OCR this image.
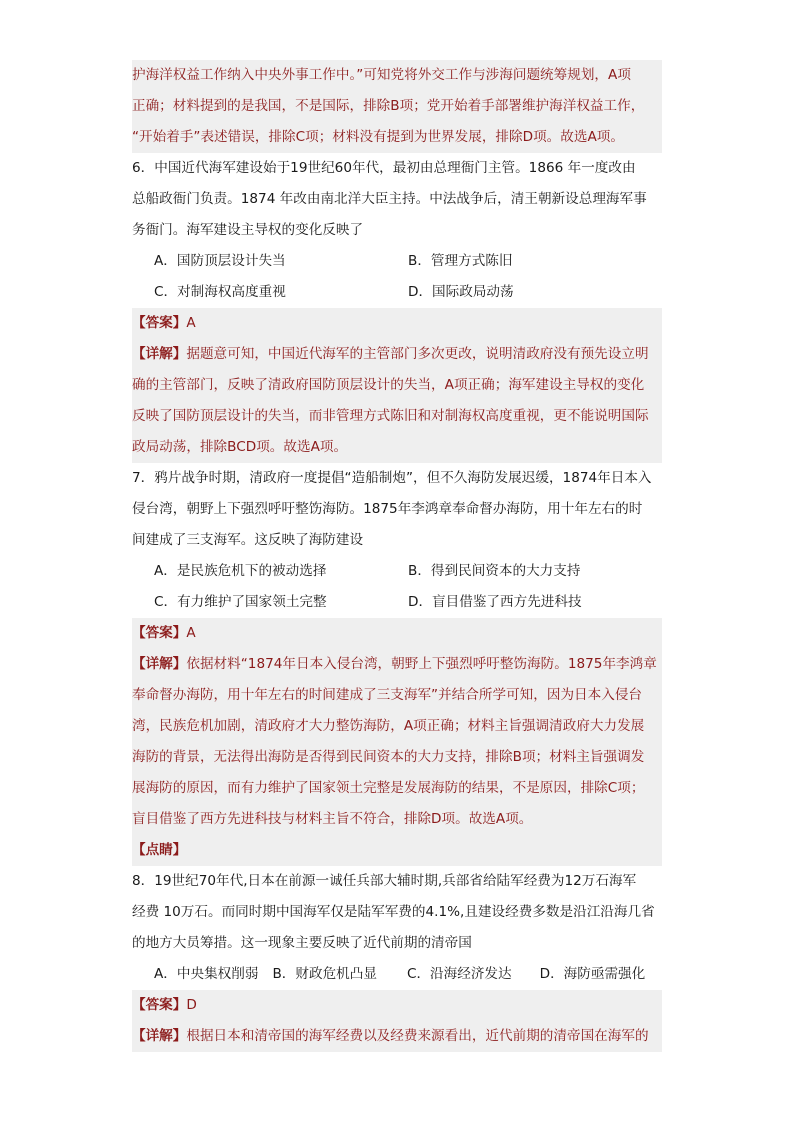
护海洋权益工作纳入中央外事工作中。”可知党将外交工作与涉海问题统筹规划，A项
正确；材料提到的是我国，不是国际，排除B项；党开始着手部署维护海洋权益工作，
“开始着手”表述错误，排除C项；材料没有提到为世界发展，排除D项。故选A项。
6．中国近代海军建设始于19世纪60年代，最初由总理衙门主管。1866 年一度改由
总船政衙门负责。1874 年改由南北洋大臣主持。中法战争后，清王朝新设总理海军事
务衙门。海军建设主导权的变化反映了
A．国防顶层设计失当	B．管理方式陈旧
C．对制海权高度重视	D．国际政局动荡
【答案】A
【详解】据题意可知，中国近代海军的主管部门多次更改，说明清政府没有预先设立明
确的主管部门，反映了清政府国防顶层设计的失当，A项正确；海军建设主导权的变化
反映了国防顶层设计的失当，而非管理方式陈旧和对制海权高度重视，更不能说明国际
政局动荡，排除BCD项。故选A项。
7．鸦片战争时期，清政府一度提倡“造船制炮”，但不久海防发展迟缓，1874年日本入
侵台湾，朝野上下强烈呼吁整饬海防。1875年李鸿章奉命督办海防，用十年左右的时
间建成了三支海军。这反映了海防建设
A．是民族危机下的被动选择	B．得到民间资本的大力支持
C．有力维护了国家领土完整	D．盲目借鉴了西方先进科技
【答案】A
【详解】依据材料“1874年日本入侵台湾，朝野上下强烈呼吁整饬海防。1875年李鸿章
奉命督办海防，用十年左右的时间建成了三支海军”并结合所学可知，因为日本入侵台
湾，民族危机加剧，清政府才大力整饬海防，A项正确；材料主旨强调清政府大力发展
海防的背景，无法得出海防是否得到民间资本的大力支持，排除B项；材料主旨强调发
展海防的原因，而有力维护了国家领土完整是发展海防的结果，不是原因，排除C项；
盲目借鉴了西方先进科技与材料主旨不符合，排除D项。故选A项。
【点睛】
8．19世纪70年代,日本在前源一诚任兵部大辅时期,兵部省给陆军经费为12万石海军
经费 10万石。而同时期中国海军仅是陆军军费的4.1%,且建设经费多数是沿江沿海几省
的地方大员筹措。这一现象主要反映了近代前期的清帝国
A．中央集权削弱 B．财政危机凸显 C．沿海经济发达 D．海防亟需强化
【答案】D
【详解】根据日本和清帝国的海军经费以及经费来源看出，近代前期的清帝国在海军的
